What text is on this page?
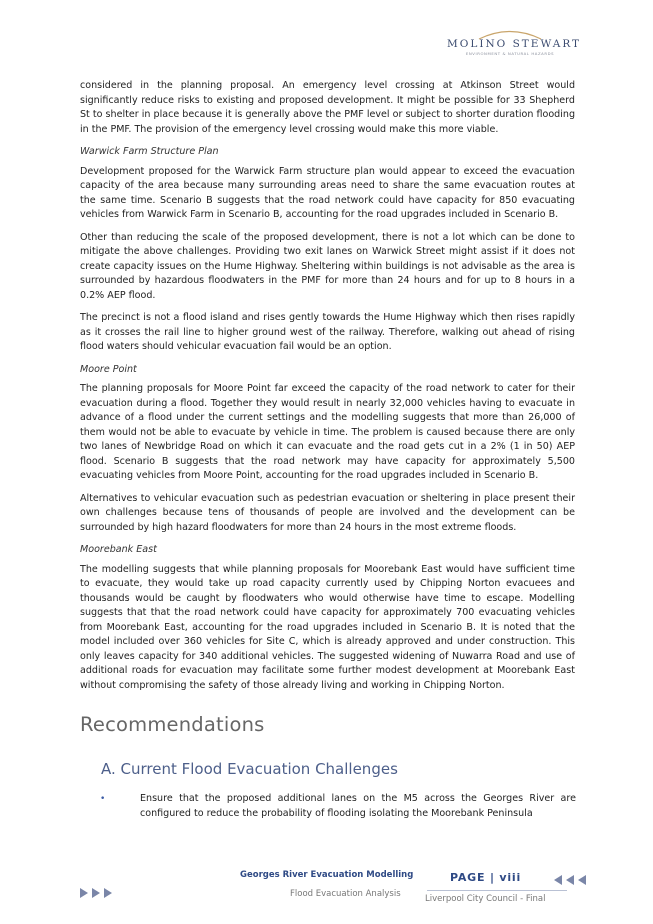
MOLINO STEWART
ENVIRONMENT & NATURAL HAZARDS

considered in the planning proposal. An emergency level crossing at Atkinson Street would significantly reduce risks to existing and proposed development. It might be possible for 33 Shepherd St to shelter in place because it is generally above the PMF level or subject to shorter duration flooding in the PMF. The provision of the emergency level crossing would make this more viable.

Warwick Farm Structure Plan

Development proposed for the Warwick Farm structure plan would appear to exceed the evacuation capacity of the area because many surrounding areas need to share the same evacuation routes at the same time. Scenario B suggests that the road network could have capacity for 850 evacuating vehicles from Warwick Farm in Scenario B, accounting for the road upgrades included in Scenario B.

Other than reducing the scale of the proposed development, there is not a lot which can be done to mitigate the above challenges. Providing two exit lanes on Warwick Street might assist if it does not create capacity issues on the Hume Highway. Sheltering within buildings is not advisable as the area is surrounded by hazardous floodwaters in the PMF for more than 24 hours and for up to 8 hours in a 0.2% AEP flood.

The precinct is not a flood island and rises gently towards the Hume Highway which then rises rapidly as it crosses the rail line to higher ground west of the railway. Therefore, walking out ahead of rising flood waters should vehicular evacuation fail would be an option.

Moore Point

The planning proposals for Moore Point far exceed the capacity of the road network to cater for their evacuation during a flood. Together they would result in nearly 32,000 vehicles having to evacuate in advance of a flood under the current settings and the modelling suggests that more than 26,000 of them would not be able to evacuate by vehicle in time. The problem is caused because there are only two lanes of Newbridge Road on which it can evacuate and the road gets cut in a 2% (1 in 50) AEP flood. Scenario B suggests that the road network may have capacity for approximately 5,500 evacuating vehicles from Moore Point, accounting for the road upgrades included in Scenario B.

Alternatives to vehicular evacuation such as pedestrian evacuation or sheltering in place present their own challenges because tens of thousands of people are involved and the development can be surrounded by high hazard floodwaters for more than 24 hours in the most extreme floods.

Moorebank East

The modelling suggests that while planning proposals for Moorebank East would have sufficient time to evacuate, they would take up road capacity currently used by Chipping Norton evacuees and thousands would be caught by floodwaters who would otherwise have time to escape. Modelling suggests that that the road network could have capacity for approximately 700 evacuating vehicles from Moorebank East, accounting for the road upgrades included in Scenario B. It is noted that the model included over 360 vehicles for Site C, which is already approved and under construction. This only leaves capacity for 340 additional vehicles. The suggested widening of Nuwarra Road and use of additional roads for evacuation may facilitate some further modest development at Moorebank East without compromising the safety of those already living and working in Chipping Norton.

Recommendations
A. Current Flood Evacuation Challenges
•	Ensure that the proposed additional lanes on the M5 across the Georges River are configured to reduce the probability of flooding isolating the Moorebank Peninsula
Georges River Evacuation Modelling
Flood Evacuation Analysis
PAGE | viii
Liverpool City Council - Final
